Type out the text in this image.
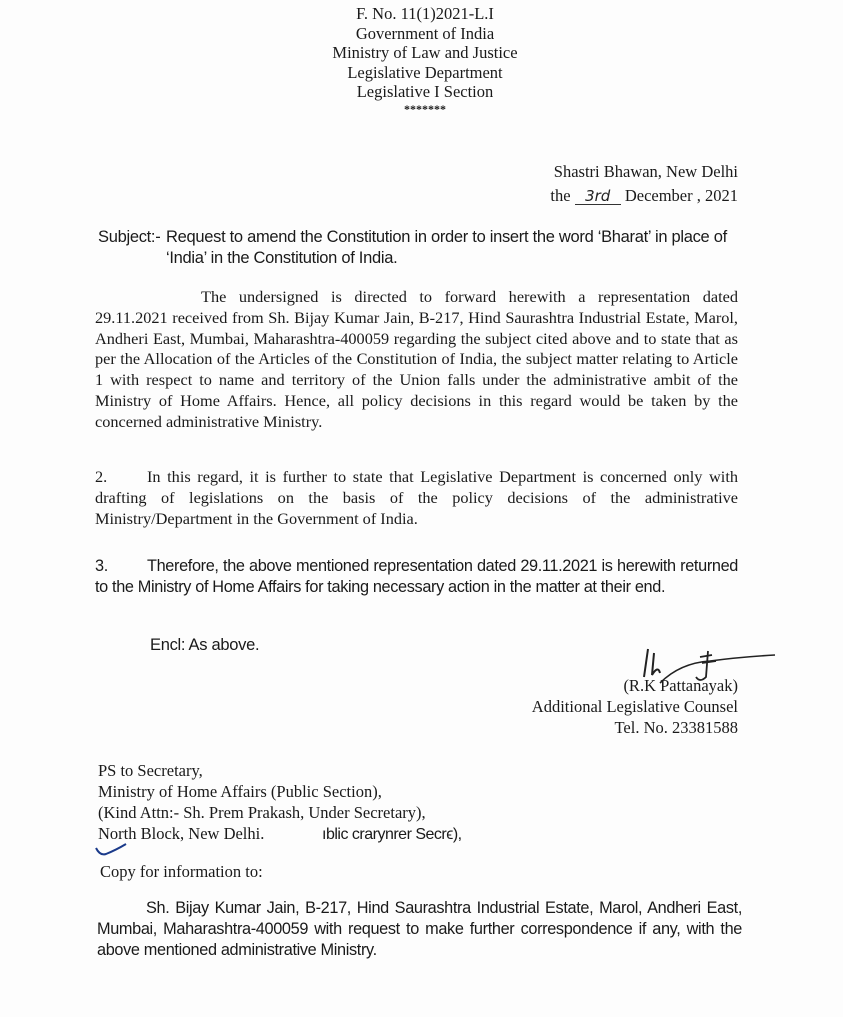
F. No. 11(1)2021-L.I
Government of India
Ministry of Law and Justice
Legislative Department
Legislative I Section
*******
Shastri Bhawan, New Delhi
the 3rd December , 2021
Subject:- Request to amend the Constitution in order to insert the word ‘Bharat’ in place of ‘India’ in the Constitution of India.
The undersigned is directed to forward herewith a representation dated 29.11.2021 received from Sh. Bijay Kumar Jain, B-217, Hind Saurashtra Industrial Estate, Marol, Andheri East, Mumbai, Maharashtra-400059 regarding the subject cited above and to state that as per the Allocation of the Articles of the Constitution of India, the subject matter relating to Article 1 with respect to name and territory of the Union falls under the administrative ambit of the Ministry of Home Affairs. Hence, all policy decisions in this regard would be taken by the concerned administrative Ministry.
2. In this regard, it is further to state that Legislative Department is concerned only with drafting of legislations on the basis of the policy decisions of the administrative Ministry/Department in the Government of India.
3. Therefore, the above mentioned representation dated 29.11.2021 is herewith returned to the Ministry of Home Affairs for taking necessary action in the matter at their end.
Encl: As above.
(R.K Pattanayak)
Additional Legislative Counsel
Tel. No. 23381588
PS to Secretary,
Ministry of Home Affairs (Public Section),
(Kind Attn:- Sh. Prem Prakash, Under Secretary),
North Block, New Delhi.	ıblic crarynrer Secrϵ),
Copy for information to:
Sh. Bijay Kumar Jain, B-217, Hind Saurashtra Industrial Estate, Marol, Andheri East, Mumbai, Maharashtra-400059 with request to make further correspondence if any, with the above mentioned administrative Ministry.
